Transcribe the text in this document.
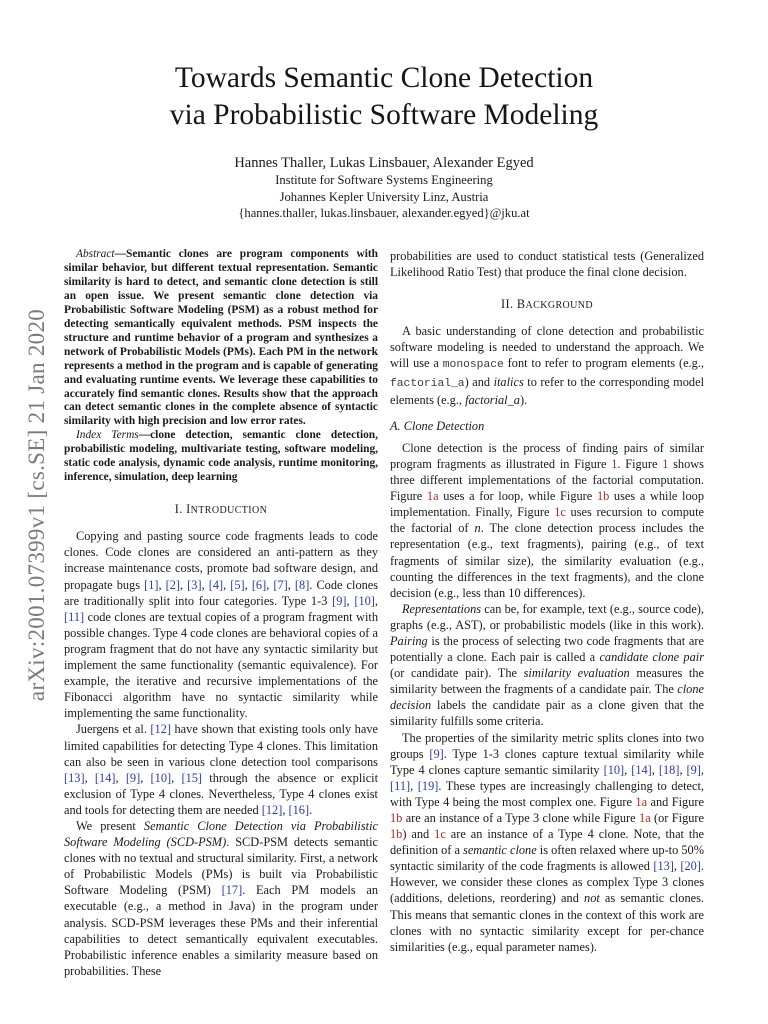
arXiv:2001.07399v1 [cs.SE] 21 Jan 2020
Towards Semantic Clone Detection
via Probabilistic Software Modeling
Hannes Thaller, Lukas Linsbauer, Alexander Egyed
Institute for Software Systems Engineering
Johannes Kepler University Linz, Austria
{hannes.thaller, lukas.linsbauer, alexander.egyed}@jku.at

Abstract—Semantic clones are program components with similar behavior, but different textual representation. Semantic similarity is hard to detect, and semantic clone detection is still an open issue. We present semantic clone detection via Probabilistic Software Modeling (PSM) as a robust method for detecting semantically equivalent methods. PSM inspects the structure and runtime behavior of a program and synthesizes a network of Probabilistic Models (PMs). Each PM in the network represents a method in the program and is capable of generating and evaluating runtime events. We leverage these capabilities to accurately find semantic clones. Results show that the approach can detect semantic clones in the complete absence of syntactic similarity with high precision and low error rates.

Index Terms—clone detection, semantic clone detection, probabilistic modeling, multivariate testing, software modeling, static code analysis, dynamic code analysis, runtime monitoring, inference, simulation, deep learning

I. INTRODUCTION

Copying and pasting source code fragments leads to code clones. Code clones are considered an anti-pattern as they increase maintenance costs, promote bad software design, and propagate bugs [1], [2], [3], [4], [5], [6], [7], [8]. Code clones are traditionally split into four categories. Type 1-3 [9], [10], [11] code clones are textual copies of a program fragment with possible changes. Type 4 code clones are behavioral copies of a program fragment that do not have any syntactic similarity but implement the same functionality (semantic equivalence). For example, the iterative and recursive implementations of the Fibonacci algorithm have no syntactic similarity while implementing the same functionality.

Juergens et al. [12] have shown that existing tools only have limited capabilities for detecting Type 4 clones. This limitation can also be seen in various clone detection tool comparisons [13], [14], [9], [10], [15] through the absence or explicit exclusion of Type 4 clones. Nevertheless, Type 4 clones exist and tools for detecting them are needed [12], [16].

We present Semantic Clone Detection via Probabilistic Software Modeling (SCD-PSM). SCD-PSM detects semantic clones with no textual and structural similarity. First, a network of Probabilistic Models (PMs) is built via Probabilistic Software Modeling (PSM) [17]. Each PM models an executable (e.g., a method in Java) in the program under analysis. SCD-PSM leverages these PMs and their inferential capabilities to detect semantically equivalent executables. Probabilistic inference enables a similarity measure based on probabilities. These

probabilities are used to conduct statistical tests (Generalized Likelihood Ratio Test) that produce the final clone decision.

II. BACKGROUND

A basic understanding of clone detection and probabilistic software modeling is needed to understand the approach. We will use a monospace font to refer to program elements (e.g., factorial_a) and italics to refer to the corresponding model elements (e.g., factorial_a).

A. Clone Detection

Clone detection is the process of finding pairs of similar program fragments as illustrated in Figure 1. Figure 1 shows three different implementations of the factorial computation. Figure 1a uses a for loop, while Figure 1b uses a while loop implementation. Finally, Figure 1c uses recursion to compute the factorial of n. The clone detection process includes the representation (e.g., text fragments), pairing (e.g., of text fragments of similar size), the similarity evaluation (e.g., counting the differences in the text fragments), and the clone decision (e.g., less than 10 differences).

Representations can be, for example, text (e.g., source code), graphs (e.g., AST), or probabilistic models (like in this work). Pairing is the process of selecting two code fragments that are potentially a clone. Each pair is called a candidate clone pair (or candidate pair). The similarity evaluation measures the similarity between the fragments of a candidate pair. The clone decision labels the candidate pair as a clone given that the similarity fulfills some criteria.

The properties of the similarity metric splits clones into two groups [9]. Type 1-3 clones capture textual similarity while Type 4 clones capture semantic similarity [10], [14], [18], [9], [11], [19]. These types are increasingly challenging to detect, with Type 4 being the most complex one. Figure 1a and Figure 1b are an instance of a Type 3 clone while Figure 1a (or Figure 1b) and 1c are an instance of a Type 4 clone. Note, that the definition of a semantic clone is often relaxed where up-to 50% syntactic similarity of the code fragments is allowed [13], [20]. However, we consider these clones as complex Type 3 clones (additions, deletions, reordering) and not as semantic clones. This means that semantic clones in the context of this work are clones with no syntactic similarity except for per-chance similarities (e.g., equal parameter names).
